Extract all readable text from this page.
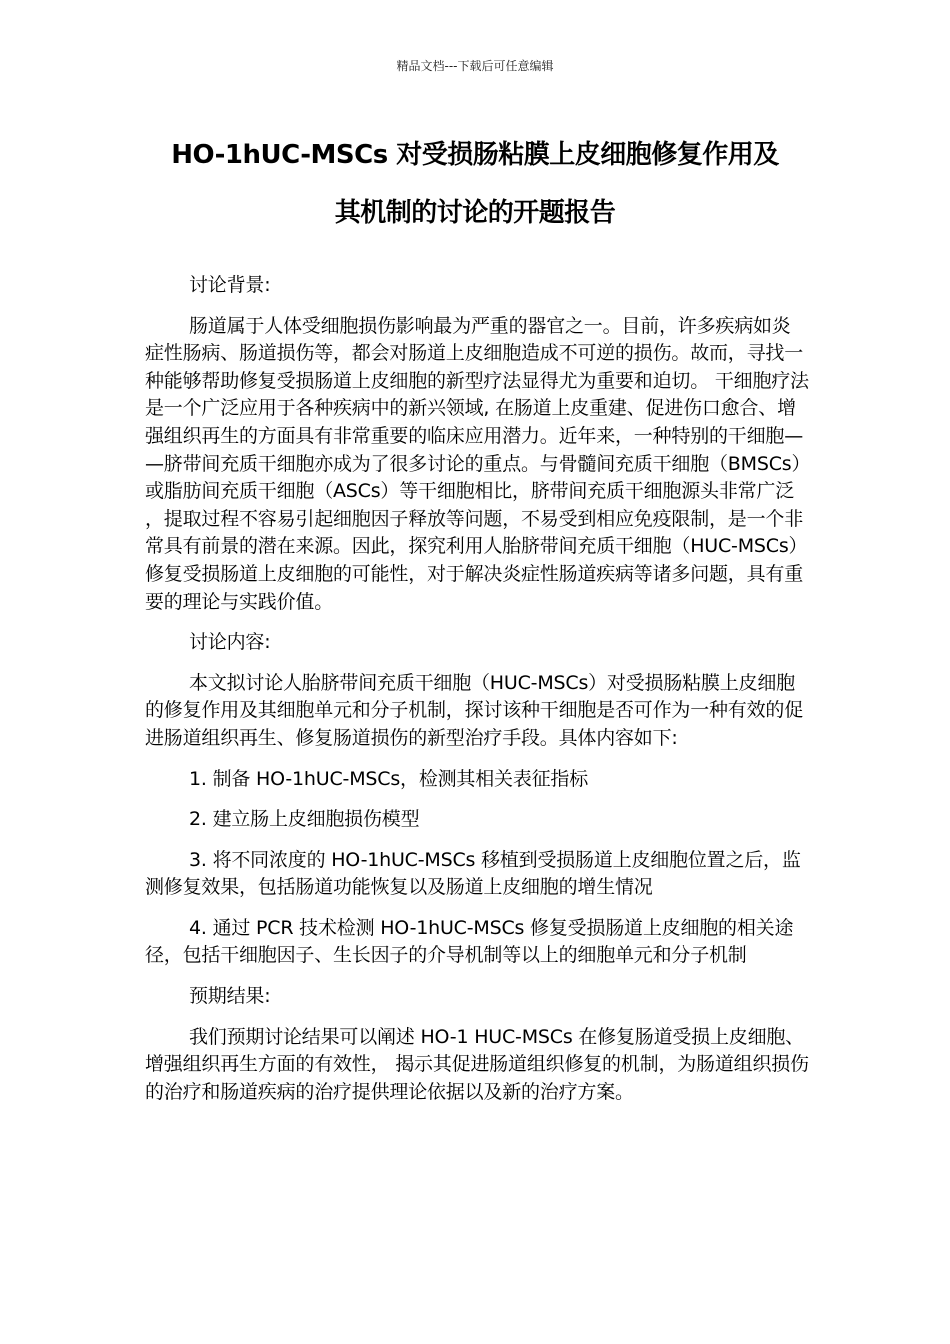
精品文档---下载后可任意编辑
HO-1hUC-MSCs 对受损肠粘膜上皮细胞修复作用及
其机制的讨论的开题报告

讨论背景:

肠道属于人体受细胞损伤影响最为严重的器官之一。目前，许多疾病如炎症性肠病、肠道损伤等，都会对肠道上皮细胞造成不可逆的损伤。故而，寻找一种能够帮助修复受损肠道上皮细胞的新型疗法显得尤为重要和迫切。 干细胞疗法是一个广泛应用于各种疾病中的新兴领域, 在肠道上皮重建、促进伤口愈合、增强组织再生的方面具有非常重要的临床应用潜力。近年来，一种特别的干细胞——脐带间充质干细胞亦成为了很多讨论的重点。与骨髓间充质干细胞（BMSCs）或脂肪间充质干细胞（ASCs）等干细胞相比，脐带间充质干细胞源头非常广泛，提取过程不容易引起细胞因子释放等问题，不易受到相应免疫限制，是一个非常具有前景的潜在来源。因此，探究利用人胎脐带间充质干细胞（HUC-MSCs）修复受损肠道上皮细胞的可能性，对于解决炎症性肠道疾病等诸多问题，具有重要的理论与实践价值。

讨论内容:

本文拟讨论人胎脐带间充质干细胞（HUC-MSCs）对受损肠粘膜上皮细胞的修复作用及其细胞单元和分子机制，探讨该种干细胞是否可作为一种有效的促进肠道组织再生、修复肠道损伤的新型治疗手段。具体内容如下:

1. 制备 HO-1hUC-MSCs，检测其相关表征指标

2. 建立肠上皮细胞损伤模型

3. 将不同浓度的 HO-1hUC-MSCs 移植到受损肠道上皮细胞位置之后，监测修复效果，包括肠道功能恢复以及肠道上皮细胞的增生情况

4. 通过 PCR 技术检测 HO-1hUC-MSCs 修复受损肠道上皮细胞的相关途径，包括干细胞因子、生长因子的介导机制等以上的细胞单元和分子机制

预期结果:

我们预期讨论结果可以阐述 HO-1 HUC-MSCs 在修复肠道受损上皮细胞、增强组织再生方面的有效性， 揭示其促进肠道组织修复的机制，为肠道组织损伤的治疗和肠道疾病的治疗提供理论依据以及新的治疗方案。
